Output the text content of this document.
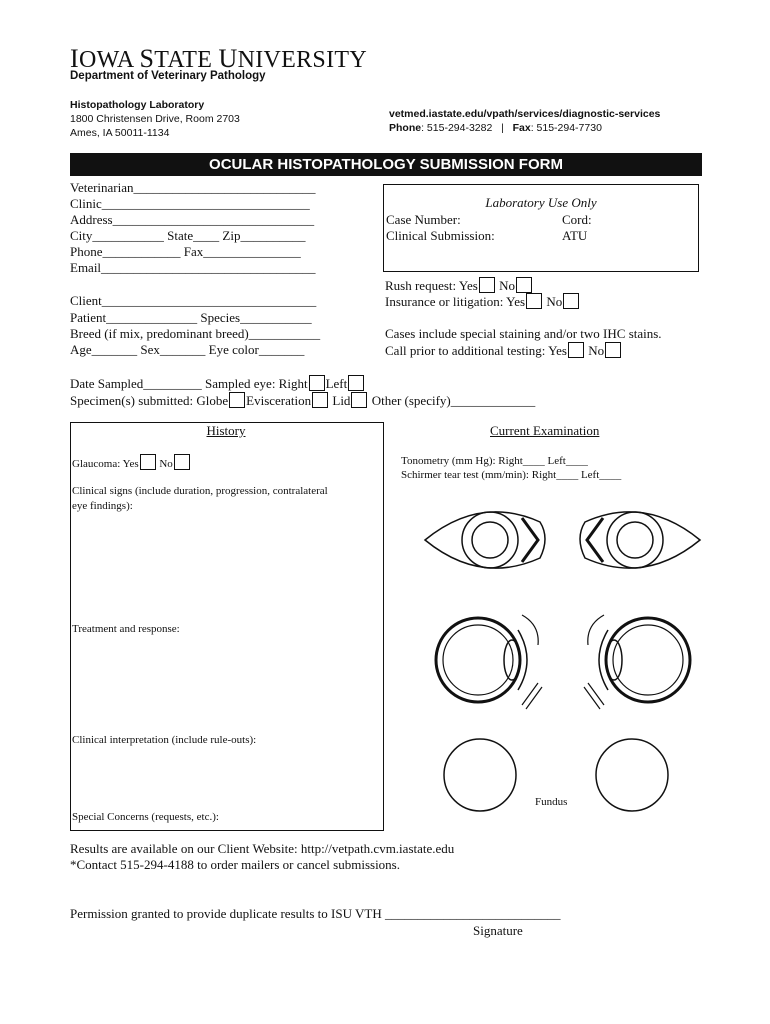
IOWA STATE UNIVERSITY
Department of Veterinary Pathology
Histopathology Laboratory
1800 Christensen Drive, Room 2703
Ames, IA 50011-1134
vetmed.iastate.edu/vpath/services/diagnostic-services
Phone: 515-294-3282 | Fax: 515-294-7730
OCULAR HISTOPATHOLOGY SUBMISSION FORM
Veterinarian____________________________
Clinic________________________________
Address_______________________________
City___________ State____ Zip__________
Phone____________ Fax_______________
Email_________________________________
Client_________________________________
Patient______________ Species___________
Breed (if mix, predominant breed)___________
Age_______ Sex_______ Eye color_______
Laboratory Use Only
Case Number:	Cord:
Clinical Submission:	ATU
Rush request: Yes No
Insurance or litigation: Yes No
Cases include special staining and/or two IHC stains.
Call prior to additional testing: Yes No
Date Sampled_________ Sampled eye: Right Left
Specimen(s) submitted: Globe Evisceration Lid Other (specify)_____________
History
Glaucoma: Yes No
Clinical signs (include duration, progression, contralateral
eye findings):
Treatment and response:
Clinical interpretation (include rule-outs):
Special Concerns (requests, etc.):
Current Examination
Tonometry (mm Hg): Right____ Left____
Schirmer tear test (mm/min): Right____ Left____
Fundus
Results are available on our Client Website: http://vetpath.cvm.iastate.edu
*Contact 515-294-4188 to order mailers or cancel submissions.
Permission granted to provide duplicate results to ISU VTH ___________________________
Signature
